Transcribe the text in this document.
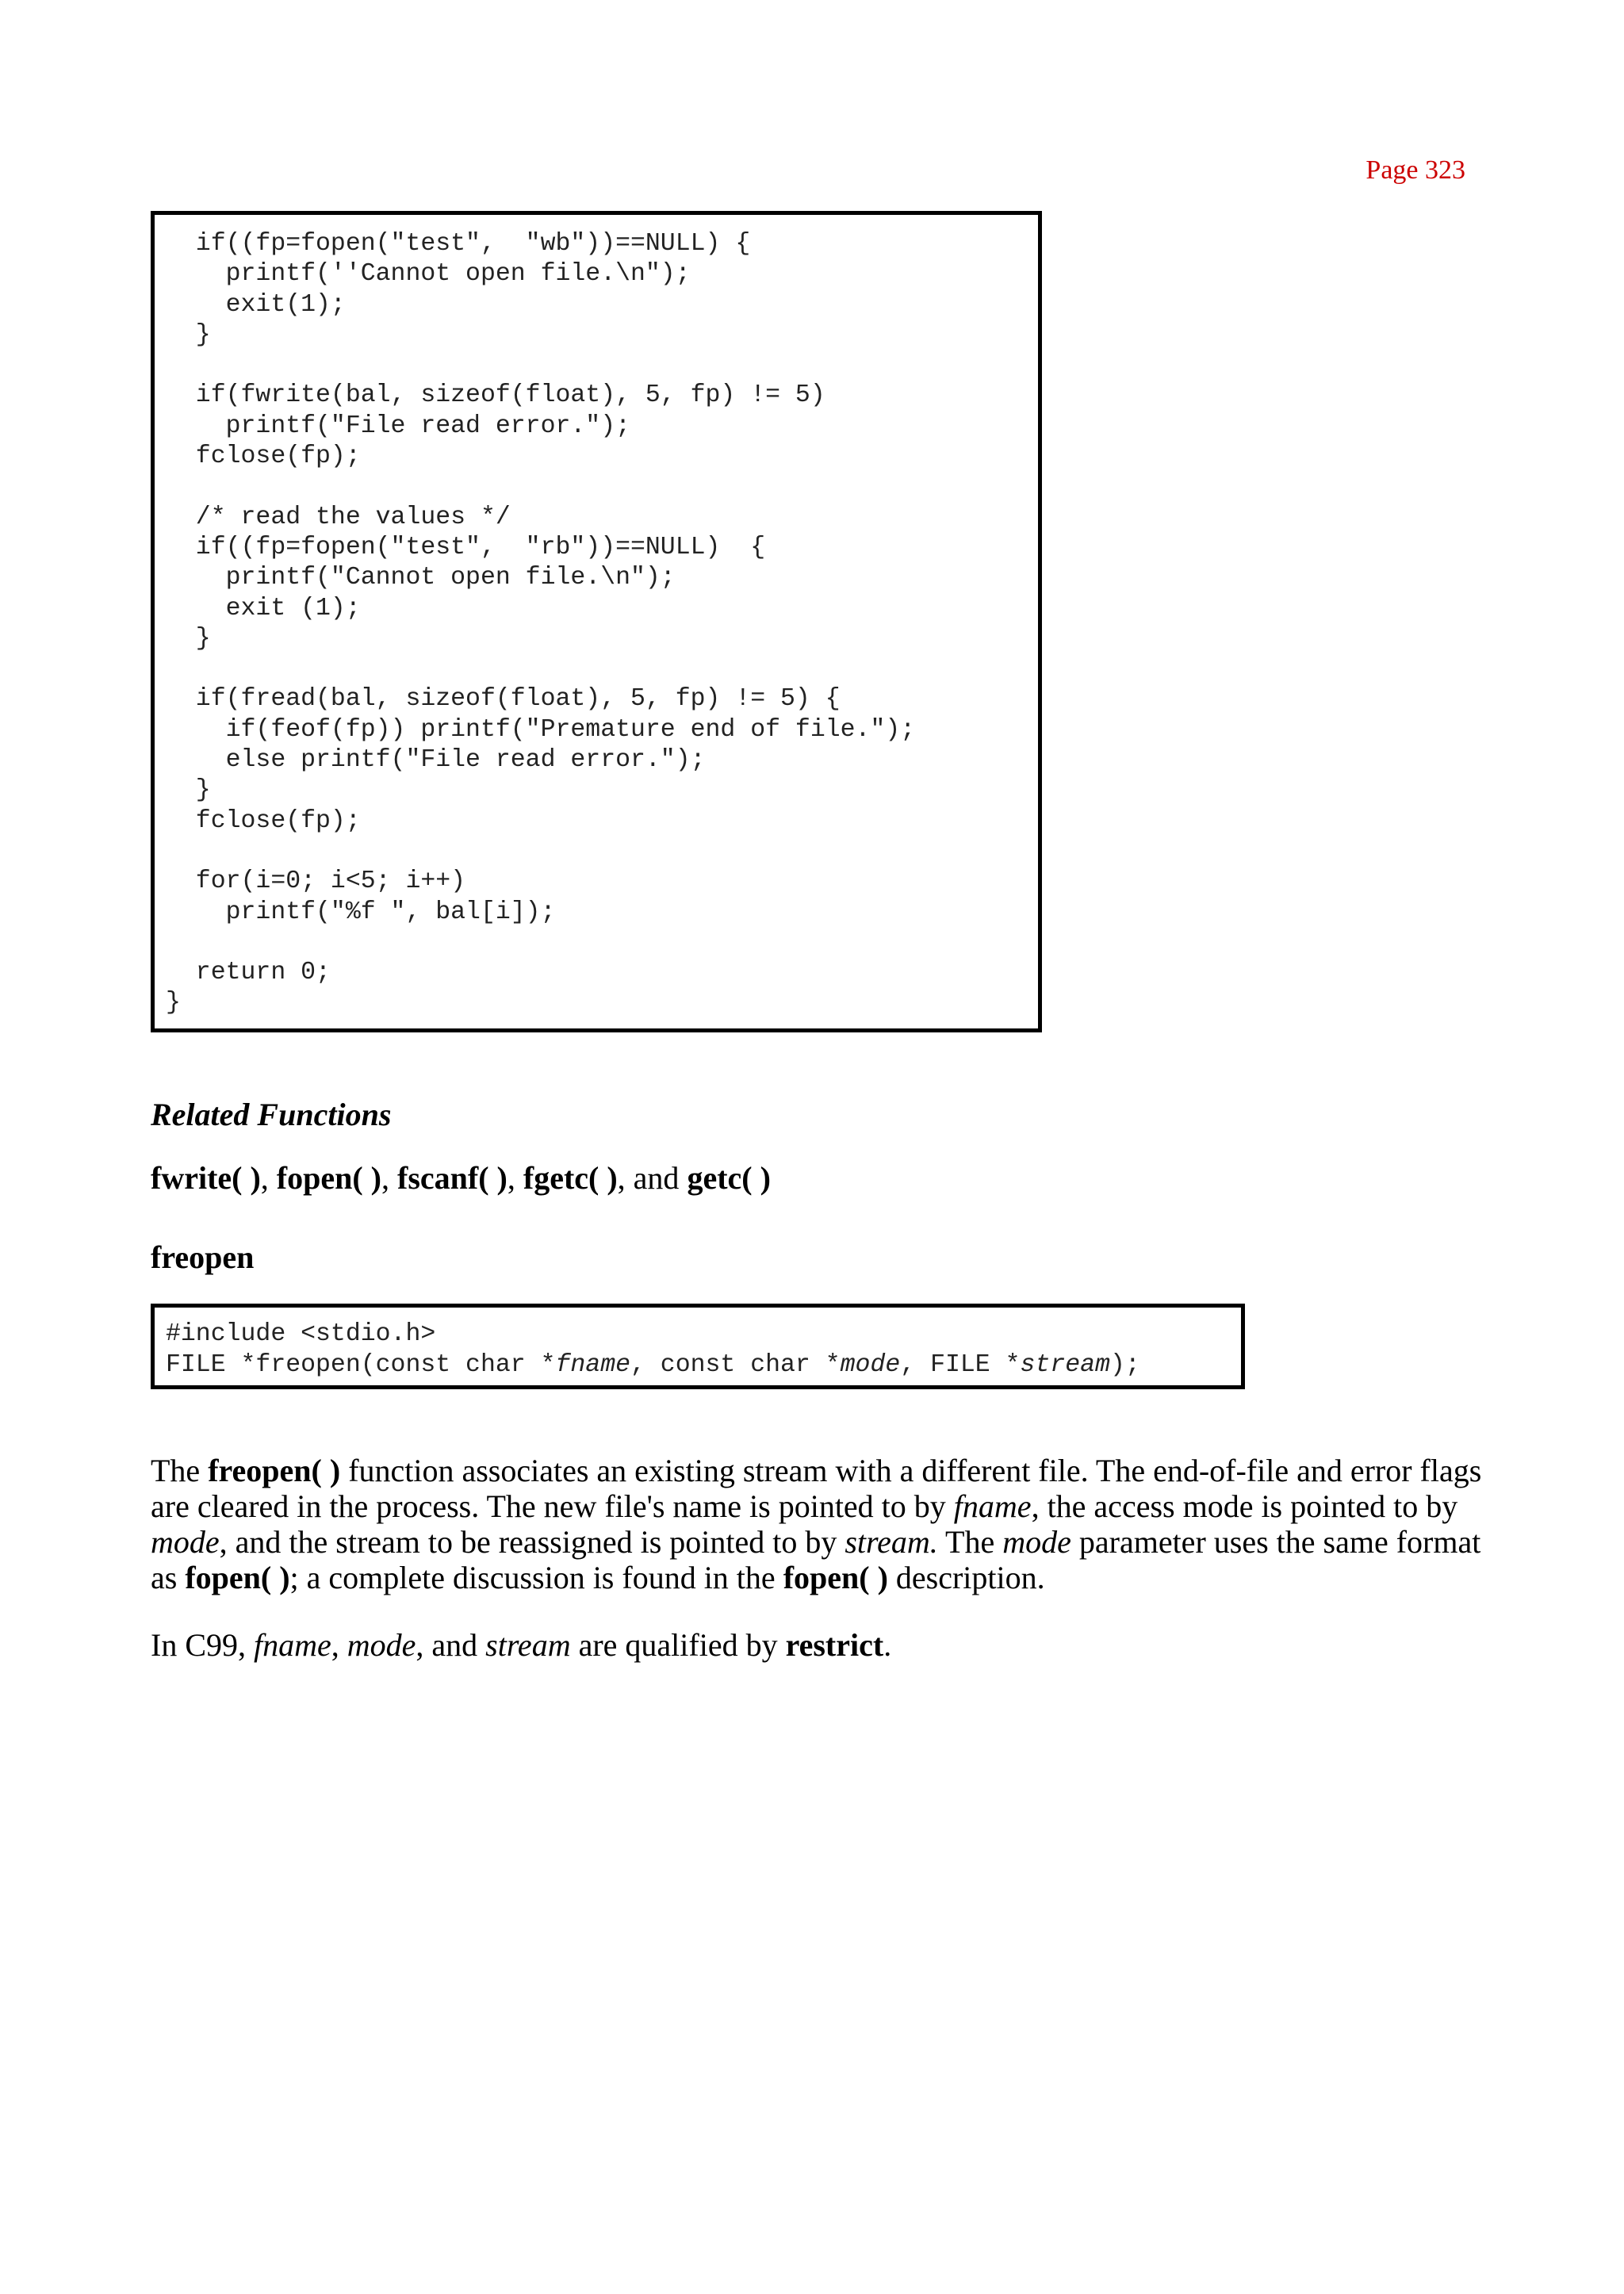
Page 323
if((fp=fopen("test",  "wb"))==NULL) {
printf(''Cannot open file.\n");
exit(1);
}

if(fwrite(bal, sizeof(float), 5, fp) != 5)
printf("File read error.");
fclose(fp);

/* read the values */
if((fp=fopen("test",  "rb"))==NULL)  {
printf("Cannot open file.\n");
exit (1);
}

if(fread(bal, sizeof(float), 5, fp) != 5) {
if(feof(fp)) printf("Premature end of file.");
else printf("File read error.");
}
fclose(fp);

for(i=0; i<5; i++)
printf("%f ", bal[i]);

return 0;
}
Related Functions
fwrite( ), fopen( ), fscanf( ), fgetc( ), and getc( )
freopen
#include <stdio.h>
FILE *freopen(const char *fname, const char *mode, FILE *stream);

The freopen( ) function associates an existing stream with a different file. The end-of-file and error flags are cleared in the process. The new file's name is pointed to by fname, the access mode is pointed to by mode, and the stream to be reassigned is pointed to by stream. The mode parameter uses the same format as fopen( ); a complete discussion is found in the fopen( ) description.

In C99, fname, mode, and stream are qualified by restrict.
